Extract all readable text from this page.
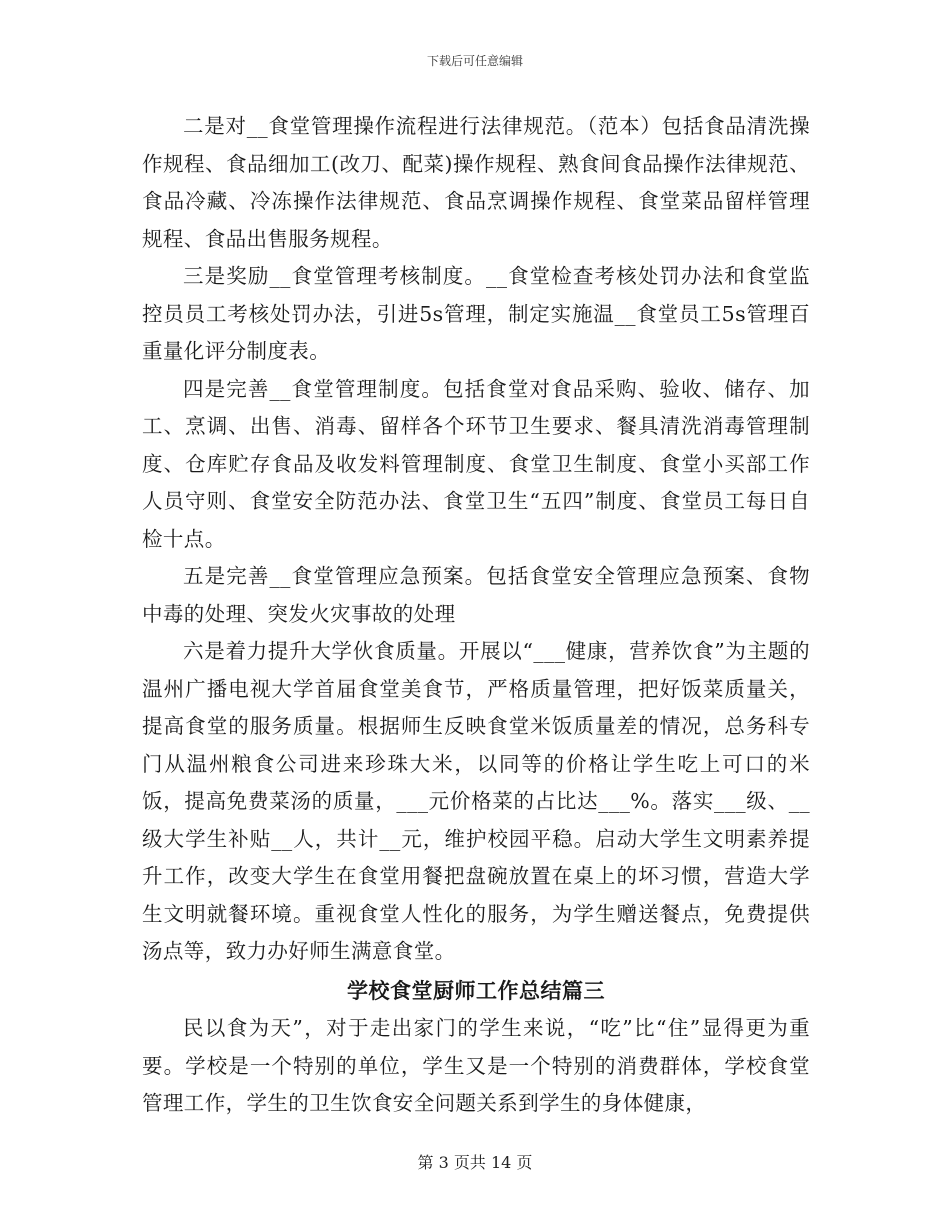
下载后可任意编辑

二是对__食堂管理操作流程进行法律规范。（范本）包括食品清洗操作规程、食品细加工(改刀、配菜)操作规程、熟食间食品操作法律规范、食品冷藏、冷冻操作法律规范、食品烹调操作规程、食堂菜品留样管理规程、食品出售服务规程。

三是奖励__食堂管理考核制度。__食堂检查考核处罚办法和食堂监控员员工考核处罚办法，引进5s管理，制定实施温__食堂员工5s管理百重量化评分制度表。

四是完善__食堂管理制度。包括食堂对食品采购、验收、储存、加工、烹调、出售、消毒、留样各个环节卫生要求、餐具清洗消毒管理制度、仓库贮存食品及收发料管理制度、食堂卫生制度、食堂小买部工作人员守则、食堂安全防范办法、食堂卫生“五四”制度、食堂员工每日自检十点。

五是完善__食堂管理应急预案。包括食堂安全管理应急预案、食物中毒的处理、突发火灾事故的处理

六是着力提升大学伙食质量。开展以“___健康，营养饮食”为主题的温州广播电视大学首届食堂美食节，严格质量管理，把好饭菜质量关，提高食堂的服务质量。根据师生反映食堂米饭质量差的情况，总务科专门从温州粮食公司进来珍珠大米，以同等的价格让学生吃上可口的米饭，提高免费菜汤的质量，___元价格菜的占比达___%。落实___级、__级大学生补贴__人，共计__元，维护校园平稳。启动大学生文明素养提升工作，改变大学生在食堂用餐把盘碗放置在桌上的坏习惯，营造大学生文明就餐环境。重视食堂人性化的服务，为学生赠送餐点，免费提供汤点等，致力办好师生满意食堂。

学校食堂厨师工作总结篇三

民以食为天”，对于走出家门的学生来说，“吃”比“住”显得更为重要。学校是一个特别的单位，学生又是一个特别的消费群体，学校食堂管理工作，学生的卫生饮食安全问题关系到学生的身体健康，

第 3 页共 14 页
